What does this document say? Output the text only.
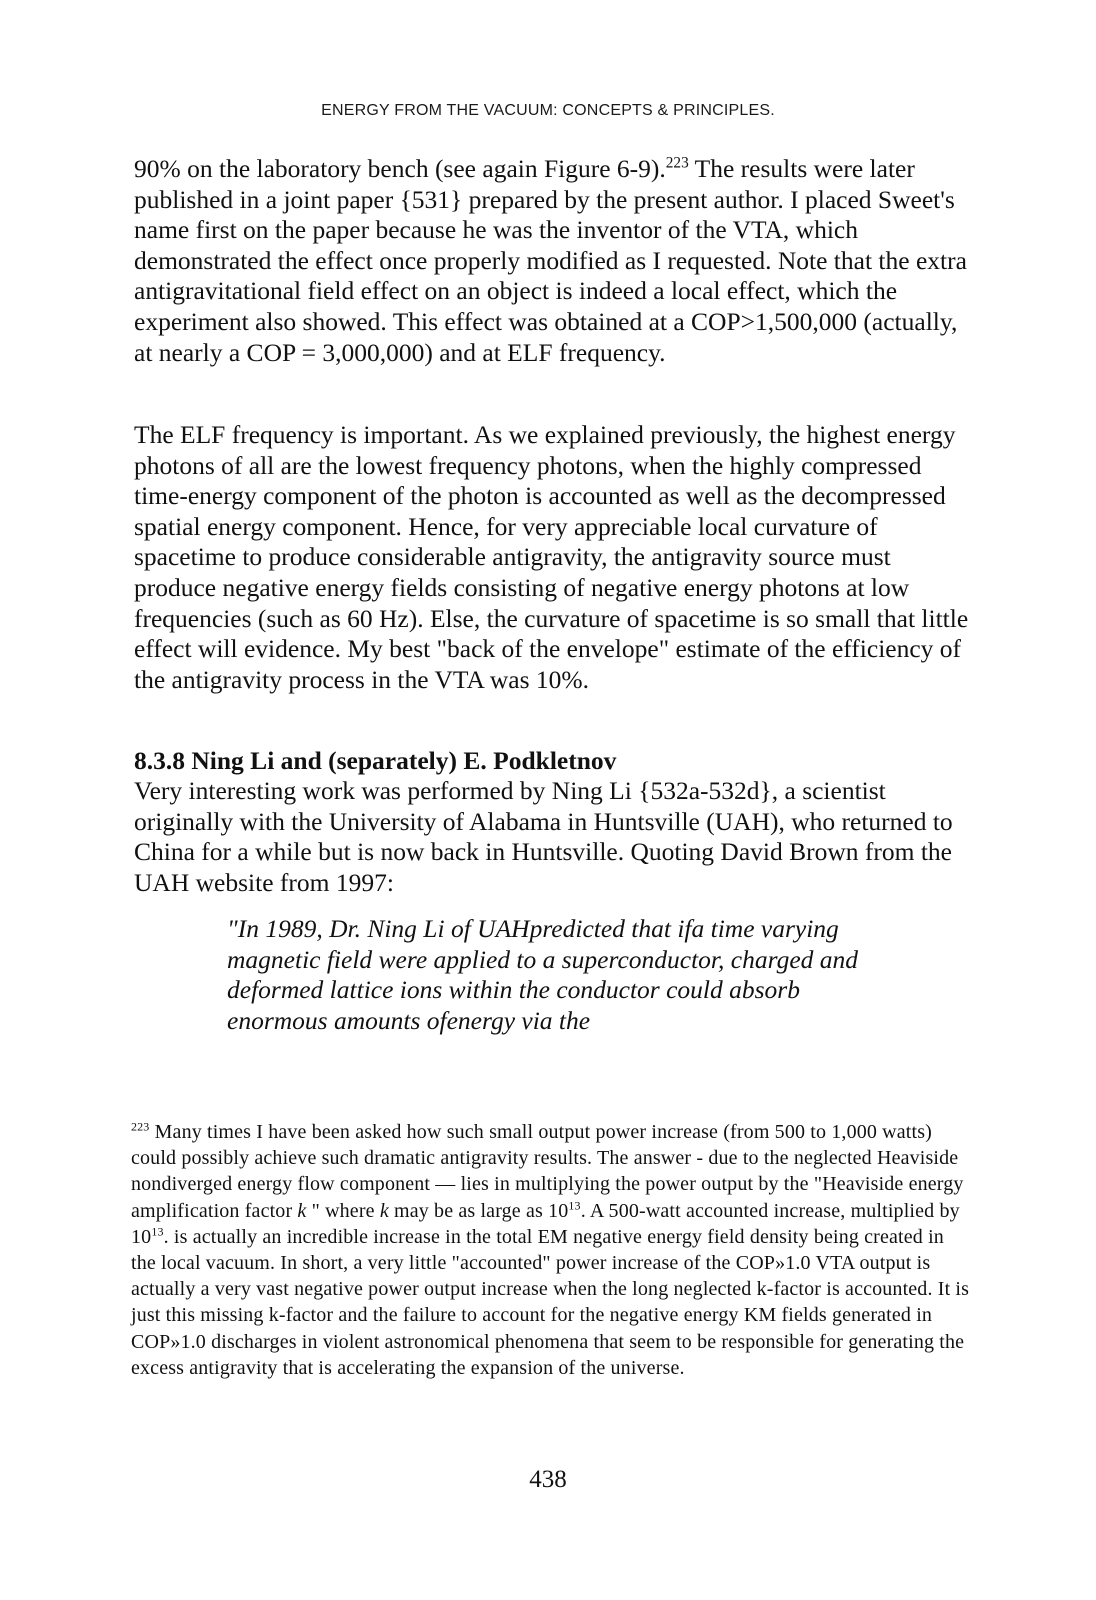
ENERGY FROM THE VACUUM: CONCEPTS & PRINCIPLES.

90% on the laboratory bench (see again Figure 6-9).$^{223}$ The results were later published in a joint paper {531} prepared by the present author. I placed Sweet's name first on the paper because he was the inventor of the VTA, which demonstrated the effect once properly modified as I requested. Note that the extra antigravitational field effect on an object is indeed a local effect, which the experiment also showed. This effect was obtained at a COP>1,500,000 (actually, at nearly a COP = 3,000,000) and at ELF frequency.

The ELF frequency is important. As we explained previously, the highest energy photons of all are the lowest frequency photons, when the highly compressed time-energy component of the photon is accounted as well as the decompressed spatial energy component. Hence, for very appreciable local curvature of spacetime to produce considerable antigravity, the antigravity source must produce negative energy fields consisting of negative energy photons at low frequencies (such as 60 Hz). Else, the curvature of spacetime is so small that little effect will evidence. My best "back of the envelope" estimate of the efficiency of the antigravity process in the VTA was 10%.

8.3.8 Ning Li and (separately) E. Podkletnov

Very interesting work was performed by Ning Li {532a-532d}, a scientist originally with the University of Alabama in Huntsville (UAH), who returned to China for a while but is now back in Huntsville. Quoting David Brown from the UAH website from 1997:

"In 1989, Dr. Ning Li of UAHpredicted that ifa time varying magnetic field were applied to a superconductor, charged and deformed lattice ions within the conductor could absorb enormous amounts ofenergy via the

$^{223}$ Many times I have been asked how such small output power increase (from 500 to 1,000 watts) could possibly achieve such dramatic antigravity results. The answer - due to the neglected Heaviside nondiverged energy flow component — lies in multiplying the power output by the "Heaviside energy amplification factor k " where k may be as large as $10^{13}$. A 500-watt accounted increase, multiplied by $10^{13}$. is actually an incredible increase in the total EM negative energy field density being created in the local vacuum. In short, a very little "accounted" power increase of the COP»1.0 VTA output is actually a very vast negative power output increase when the long neglected k-factor is accounted. It is just this missing k-factor and the failure to account for the negative energy KM fields generated in COP»1.0 discharges in violent astronomical phenomena that seem to be responsible for generating the excess antigravity that is accelerating the expansion of the universe.

438
